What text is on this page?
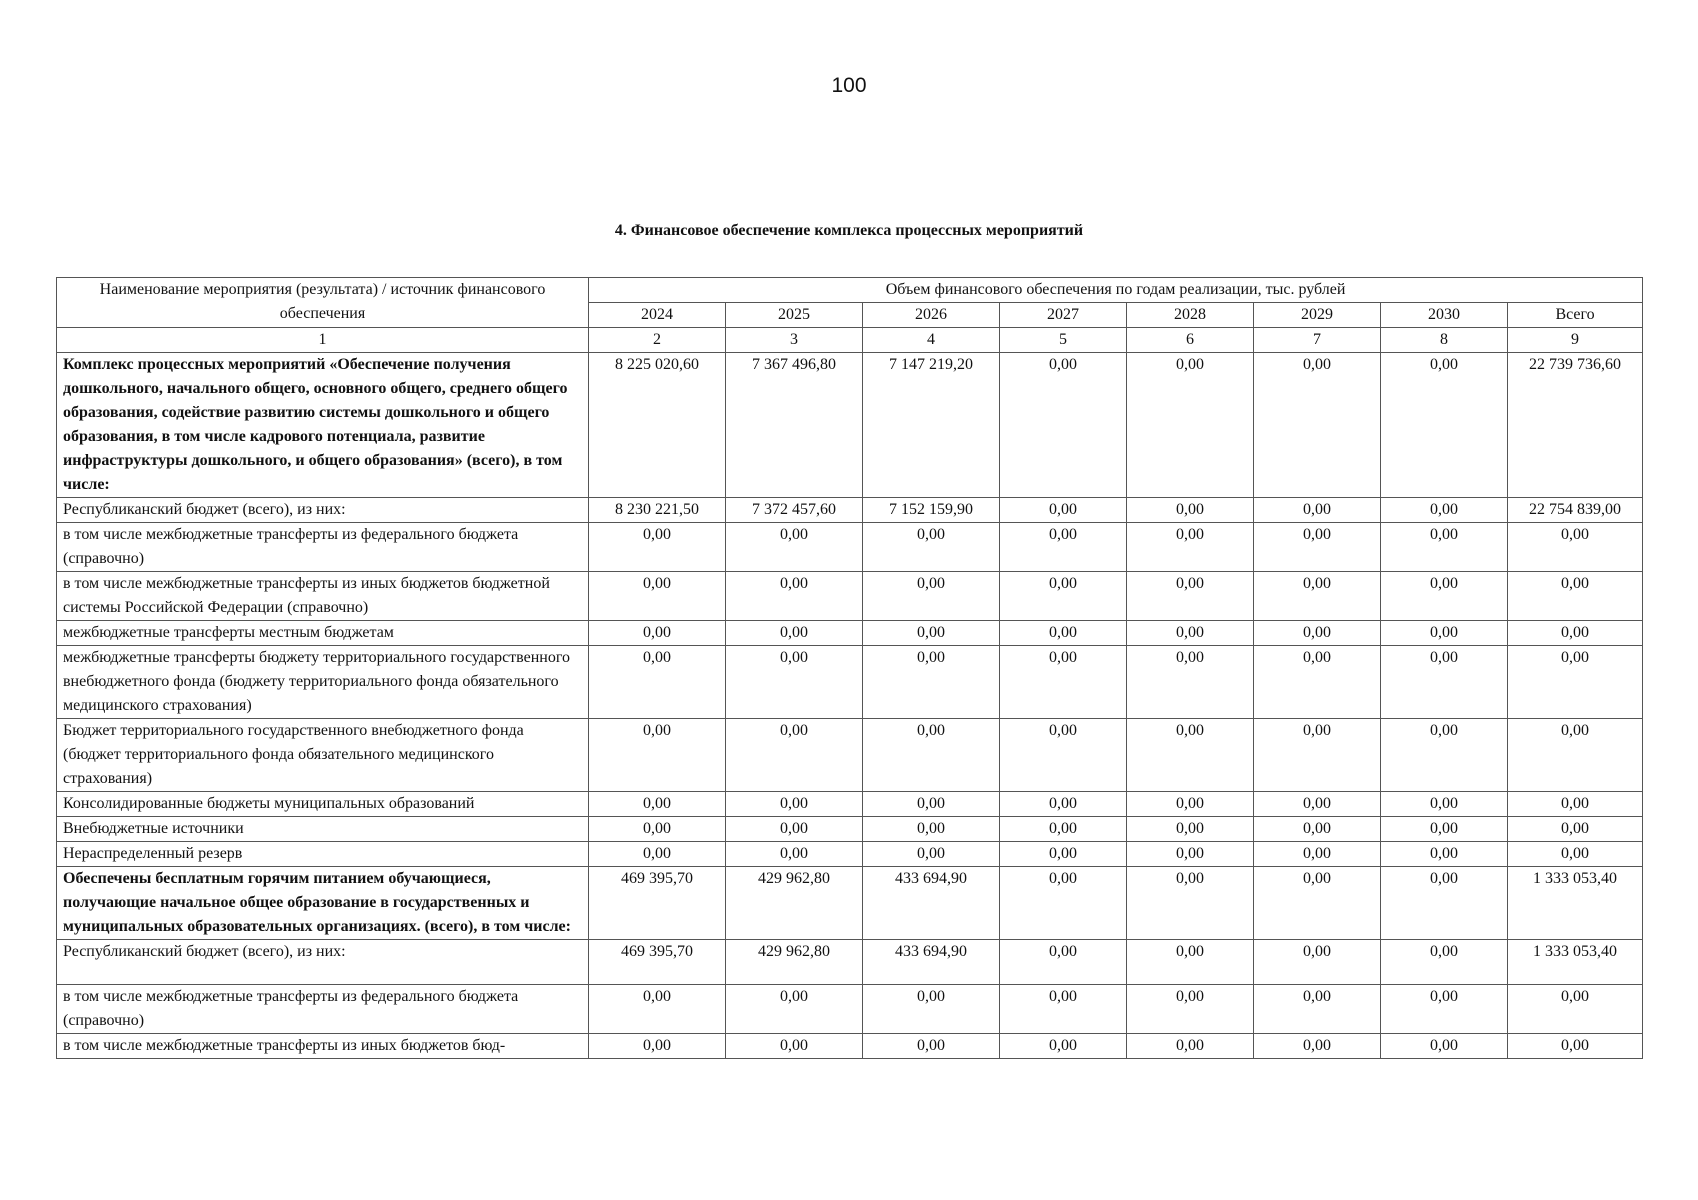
100
4. Финансовое обеспечение комплекса процессных мероприятий
Наименование мероприятия (результата) / источник финансового обеспечения	Объем финансового обеспечения по годам реализации, тыс. рублей							
	2024	2025	2026	2027	2028	2029	2030	Всего
1	2	3	4	5	6	7	8	9
Комплекс процессных мероприятий «Обеспечение получения дошкольного, начального общего, основного общего, среднего общего образования, содействие развитию системы дошкольного и общего образования, в том числе кадрового потенциала, развитие инфраструктуры дошкольного, и общего образования» (всего), в том числе:	8 225 020,60	7 367 496,80	7 147 219,20	0,00	0,00	0,00	0,00	22 739 736,60
Республиканский бюджет (всего), из них:	8 230 221,50	7 372 457,60	7 152 159,90	0,00	0,00	0,00	0,00	22 754 839,00
в том числе межбюджетные трансферты из федерального бюджета (справочно)	0,00	0,00	0,00	0,00	0,00	0,00	0,00	0,00
в том числе межбюджетные трансферты из иных бюджетов бюджетной системы Российской Федерации (справочно)	0,00	0,00	0,00	0,00	0,00	0,00	0,00	0,00
межбюджетные трансферты местным бюджетам	0,00	0,00	0,00	0,00	0,00	0,00	0,00	0,00
межбюджетные трансферты бюджету территориального государственного внебюджетного фонда (бюджету территориального фонда обязательного медицинского страхования)	0,00	0,00	0,00	0,00	0,00	0,00	0,00	0,00
Бюджет территориального государственного внебюджетного фонда (бюджет территориального фонда обязательного медицинского страхования)	0,00	0,00	0,00	0,00	0,00	0,00	0,00	0,00
Консолидированные бюджеты муниципальных образований	0,00	0,00	0,00	0,00	0,00	0,00	0,00	0,00
Внебюджетные источники	0,00	0,00	0,00	0,00	0,00	0,00	0,00	0,00
Нераспределенный резерв	0,00	0,00	0,00	0,00	0,00	0,00	0,00	0,00
Обеспечены бесплатным горячим питанием обучающиеся, получающие начальное общее образование в государственных и муниципальных образовательных организациях. (всего), в том числе:	469 395,70	429 962,80	433 694,90	0,00	0,00	0,00	0,00	1 333 053,40
Республиканский бюджет (всего), из них:	469 395,70	429 962,80	433 694,90	0,00	0,00	0,00	0,00	1 333 053,40
в том числе межбюджетные трансферты из федерального бюджета (справочно)	0,00	0,00	0,00	0,00	0,00	0,00	0,00	0,00
в том числе межбюджетные трансферты из иных бюджетов бюд-	0,00	0,00	0,00	0,00	0,00	0,00	0,00	0,00
